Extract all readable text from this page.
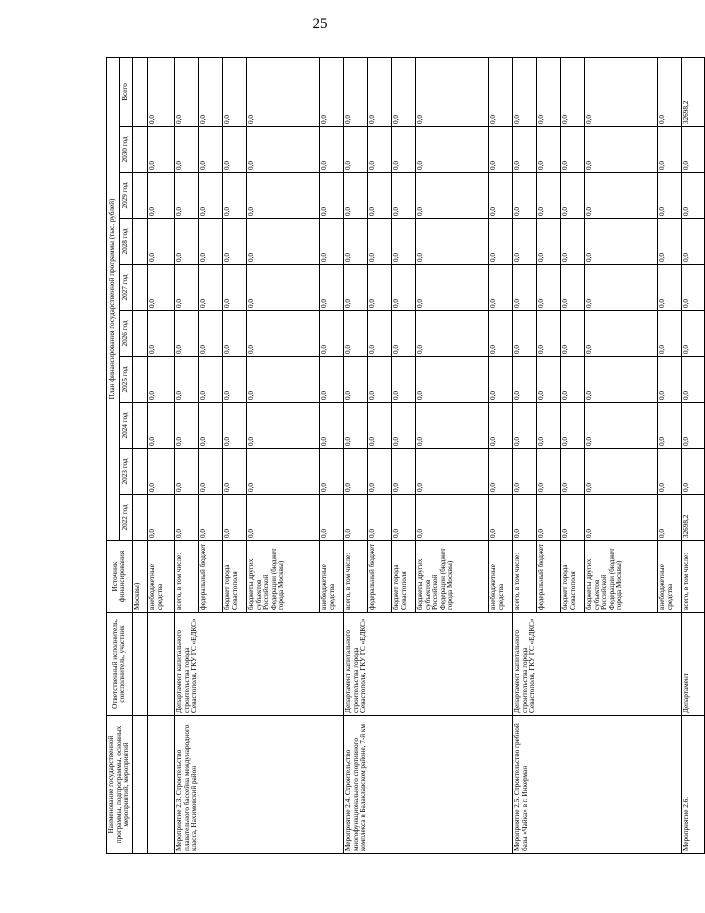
25
Наименование государственной программы, подпрограммы, основных мероприятий, мероприятий	Ответственный исполнитель, соисполнитель, участник	Источник финансирования	План финансирования государственной программы (тыс. рублей)									
			2022 год	2023 год	2024 год	2025 год	2026 год	2027 год	2028 год	2029 год	2030 год	Всего
		Москвы)										
		внебюджетные средства	0,0	0,0	0,0	0,0	0,0	0,0	0,0	0,0	0,0	0,0
Мероприятие 2.3. Строительство плавательного бассейна международного класса, Нахимовский район	Департамент капитального строительства города Севастополя, ГКУ ГС «ЕДКС»	всего, в том числе:	0,0	0,0	0,0	0,0	0,0	0,0	0,0	0,0	0,0	0,0
		федеральный бюджет	0,0	0,0	0,0	0,0	0,0	0,0	0,0	0,0	0,0	0,0
		бюджет города Севастополя	0,0	0,0	0,0	0,0	0,0	0,0	0,0	0,0	0,0	0,0
		бюджеты других субъектов Российской Федерации (бюджет города Москвы)	0,0	0,0	0,0	0,0	0,0	0,0	0,0	0,0	0,0	0,0
		внебюджетные средства	0,0	0,0	0,0	0,0	0,0	0,0	0,0	0,0	0,0	0,0
Мероприятие 2.4. Строительство многофункционального спортивного комплекса в Балаклавском районе, 7-й км	Департамент капитального строительства города Севастополя, ГКУ ГС «ЕДКС»	всего, в том числе:	0,0	0,0	0,0	0,0	0,0	0,0	0,0	0,0	0,0	0,0
		федеральный бюджет	0,0	0,0	0,0	0,0	0,0	0,0	0,0	0,0	0,0	0,0
		бюджет города Севастополя	0,0	0,0	0,0	0,0	0,0	0,0	0,0	0,0	0,0	0,0
		бюджеты других субъектов Российской Федерации (бюджет города Москвы)	0,0	0,0	0,0	0,0	0,0	0,0	0,0	0,0	0,0	0,0
		внебюджетные средства	0,0	0,0	0,0	0,0	0,0	0,0	0,0	0,0	0,0	0,0
Мероприятие 2.5. Строительство гребной базы «Чайка» в г. Инкерман	Департамент капитального строительства города Севастополя, ГКУ ГС «ЕДКС»	всего, в том числе:	0,0	0,0	0,0	0,0	0,0	0,0	0,0	0,0	0,0	0,0
		федеральный бюджет	0,0	0,0	0,0	0,0	0,0	0,0	0,0	0,0	0,0	0,0
		бюджет города Севастополя	0,0	0,0	0,0	0,0	0,0	0,0	0,0	0,0	0,0	0,0
		бюджеты других субъектов Российской Федерации (бюджет города Москвы)	0,0	0,0	0,0	0,0	0,0	0,0	0,0	0,0	0,0	0,0
		внебюджетные средства	0,0	0,0	0,0	0,0	0,0	0,0	0,0	0,0	0,0	0,0
Мероприятие 2.6.	Департамент	всего, в том числе:	32698,2	0,0	0,0	0,0	0,0	0,0	0,0	0,0	0,0	32698,2
